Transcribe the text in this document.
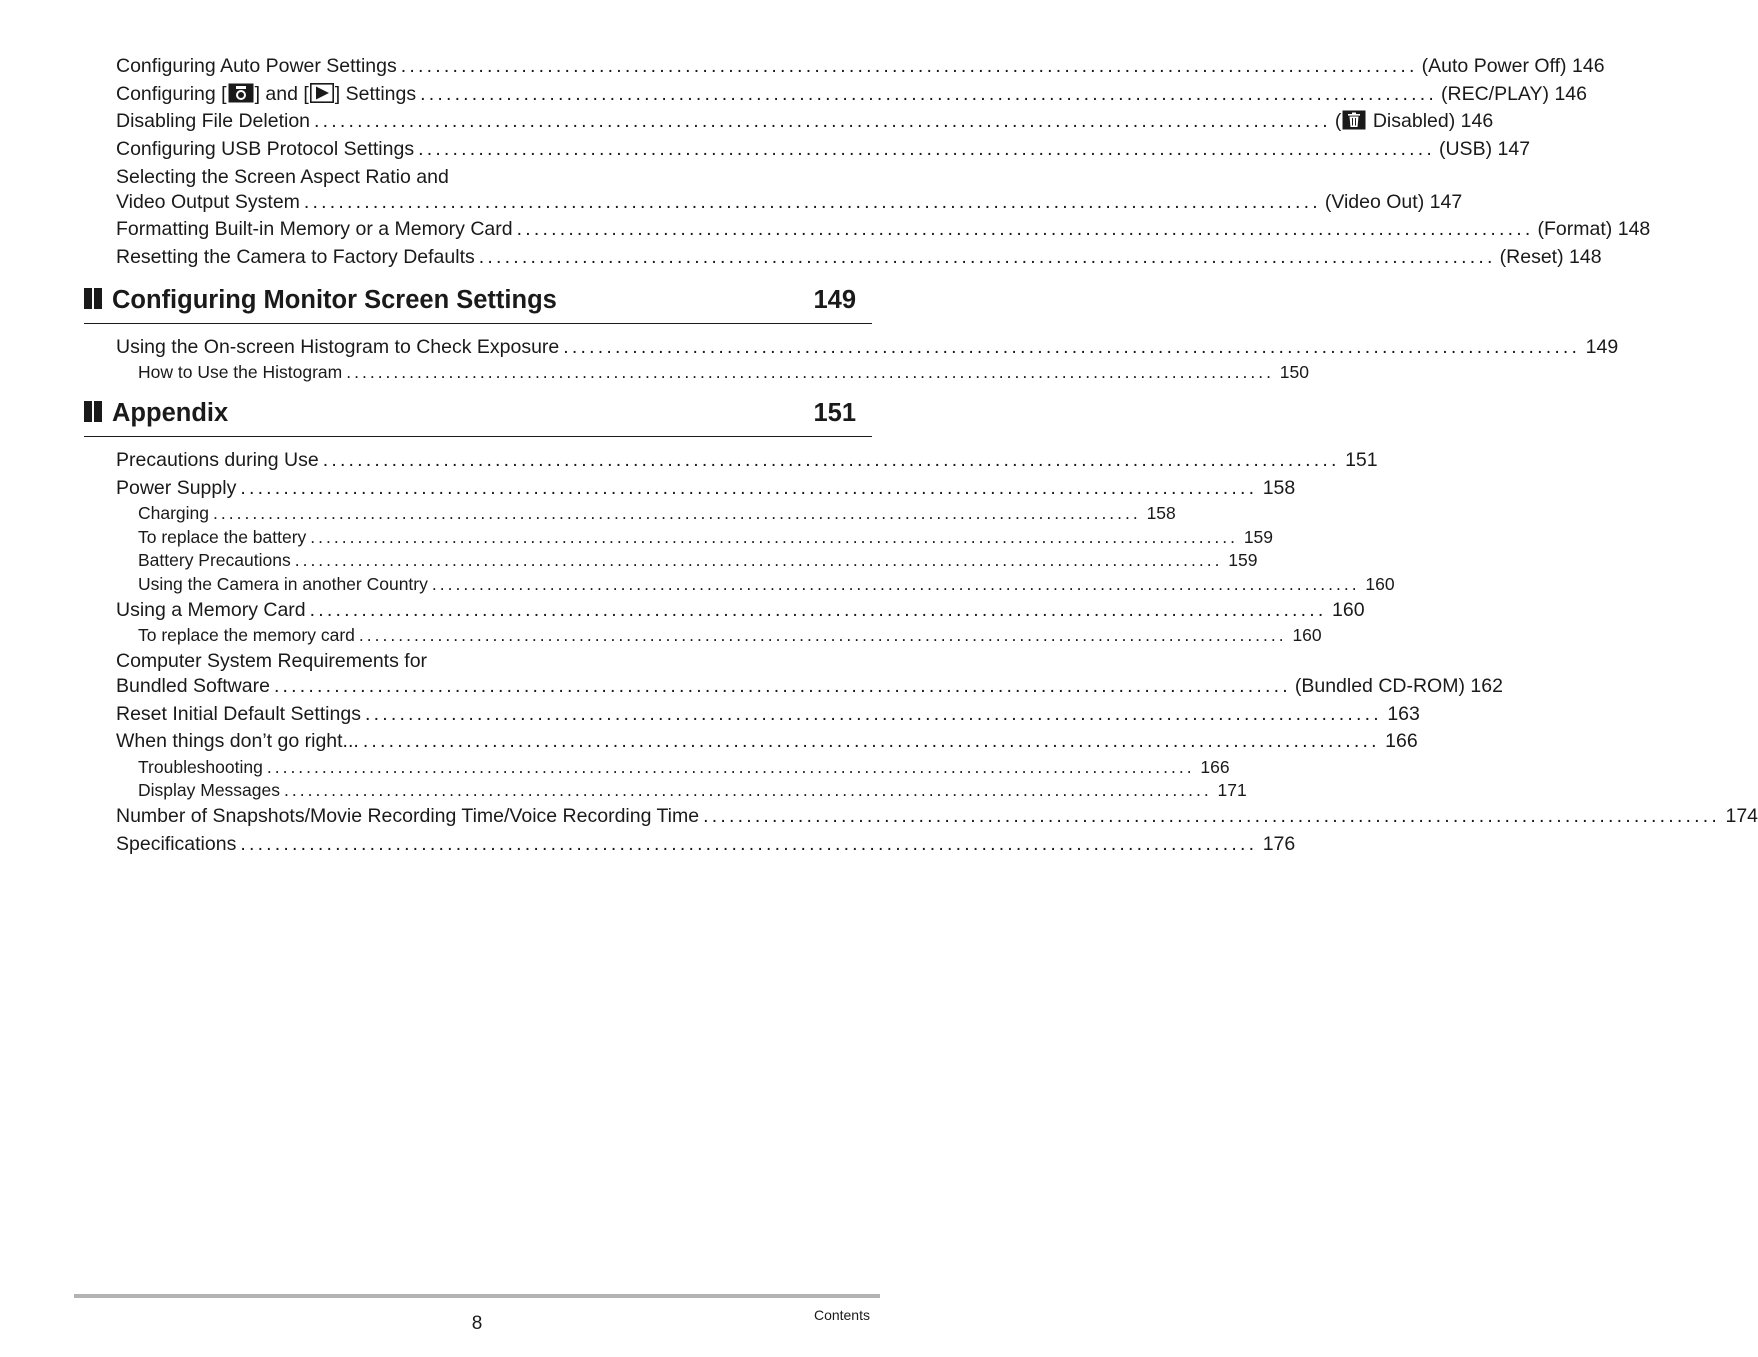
Configuring Auto Power Settings ...................................................................................................................... (Auto Power Off) 146
Configuring [ ] and [ ] Settings ...................................................................................................................... (REC/PLAY) 146
Disabling File Deletion ...................................................................................................................... ( Disabled) 146
Configuring USB Protocol Settings ...................................................................................................................... (USB) 147
Selecting the Screen Aspect Ratio and
Video Output System ...................................................................................................................... (Video Out) 147
Formatting Built-in Memory or a Memory Card ...................................................................................................................... (Format) 148
Resetting the Camera to Factory Defaults ...................................................................................................................... (Reset) 148
Configuring Monitor Screen Settings	149
Using the On-screen Histogram to Check Exposure ...................................................................................................................... 149
How to Use the Histogram ...................................................................................................................... 150
Appendix	151
Precautions during Use ...................................................................................................................... 151
Power Supply ...................................................................................................................... 158
Charging ...................................................................................................................... 158
To replace the battery ...................................................................................................................... 159
Battery Precautions ...................................................................................................................... 159
Using the Camera in another Country ...................................................................................................................... 160
Using a Memory Card ...................................................................................................................... 160
To replace the memory card ...................................................................................................................... 160
Computer System Requirements for
Bundled Software ...................................................................................................................... (Bundled CD-ROM) 162
Reset Initial Default Settings ...................................................................................................................... 163
When things don’t go right... ...................................................................................................................... 166
Troubleshooting ...................................................................................................................... 166
Display Messages ...................................................................................................................... 171
Number of Snapshots/Movie Recording Time/Voice Recording Time ...................................................................................................................... 174
Specifications ...................................................................................................................... 176
8	Contents
